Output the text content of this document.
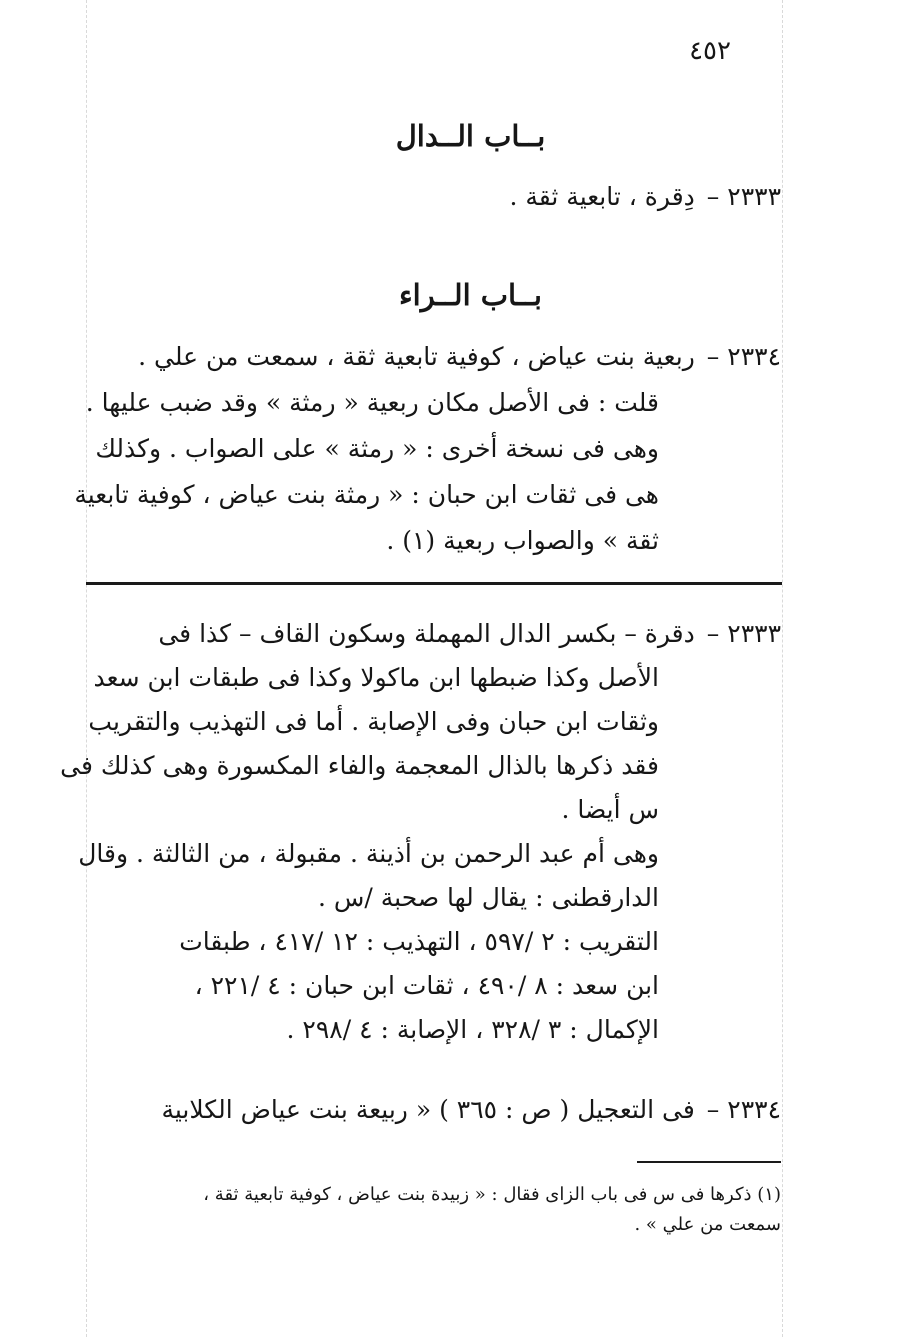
٤٥٢
بــاب الــدال
٢٣٣٣
–
دِقرة ، تابعية ثقة .
بــاب الــراء
٢٣٣٤
–
ربعية بنت عياض ، كوفية تابعية ثقة ، سمعت من علي .
قلت : فى الأصل مكان ربعية « رمثة » وقد ضبب عليها .
وهى فى نسخة أخرى : « رمثة » على الصواب . وكذلك
هى فى ثقات ابن حبان : « رمثة بنت عياض ، كوفية تابعية
ثقة » والصواب ربعية (١) .
٢٣٣٣
–
دقرة – بكسر الدال المهملة وسكون القاف – كذا فى
الأصل وكذا ضبطها ابن ماكولا وكذا فى طبقات ابن سعد
وثقات ابن حبان وفى الإصابة . أما فى التهذيب والتقريب
فقد ذكرها بالذال المعجمة والفاء المكسورة وهى كذلك فى
س أيضا .
وهى أم عبد الرحمن بن أذينة . مقبولة ، من الثالثة . وقال
الدارقطنى : يقال لها صحبة /س .
التقريب : ٢ /٥٩٧ ، التهذيب : ١٢ /٤١٧ ، طبقات
ابن سعد : ٨ /٤٩٠ ، ثقات ابن حبان : ٤ /٢٢١ ،
الإكمال : ٣ /٣٢٨ ، الإصابة : ٤ /٢٩٨ .
٢٣٣٤
–
فى التعجيل ( ص : ٣٦٥ ) « ربيعة بنت عياض الكلابية
(١) ذكرها فى س فى باب الزاى فقال : « زبيدة بنت عياض ، كوفية تابعية ثقة ،
سمعت من علي » .
